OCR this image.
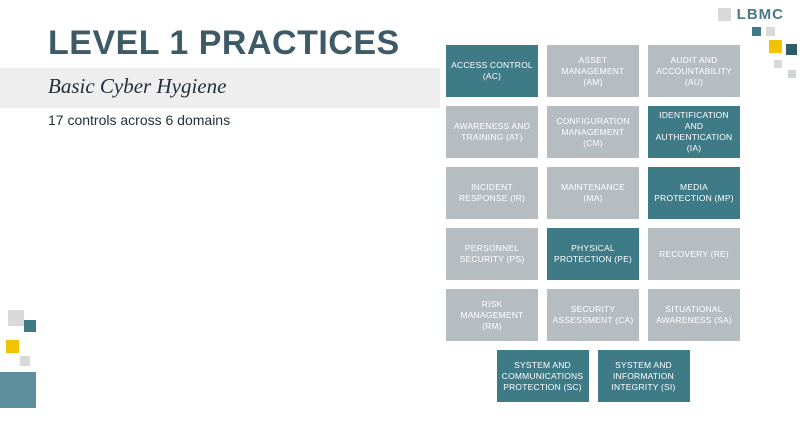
LEVEL 1 PRACTICES
Basic Cyber Hygiene
17 controls across 6 domains
LBMC
ACCESS CONTROL (AC)
ASSET MANAGEMENT (AM)
AUDIT AND ACCOUNTABILITY (AU)
AWARENESS AND TRAINING (AT)
CONFIGURATION MANAGEMENT (CM)
IDENTIFICATION AND AUTHENTICATION (IA)
INCIDENT RESPONSE (IR)
MAINTENANCE (MA)
MEDIA PROTECTION (MP)
PERSONNEL SECURITY (PS)
PHYSICAL PROTECTION (PE)
RECOVERY (RE)
RISK MANAGEMENT (RM)
SECURITY ASSESSMENT (CA)
SITUATIONAL AWARENESS (SA)
SYSTEM AND COMMUNICATIONS PROTECTION (SC)
SYSTEM AND INFORMATION INTEGRITY (SI)
